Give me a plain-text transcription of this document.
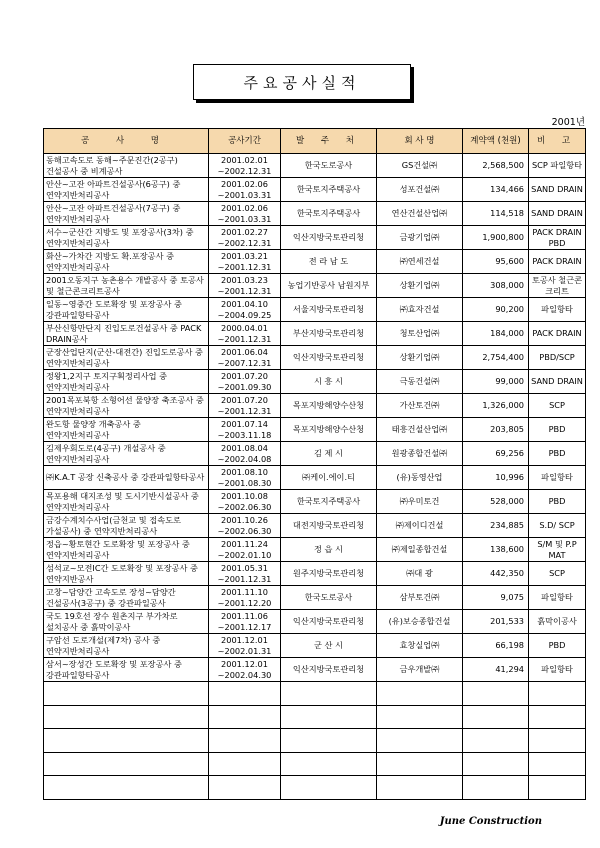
주요공사실적
2001년
공 사 명	공사기간	발 주 처	회 사 명	계약액 (천원)	비 고
동해고속도로 동해~주문진간(2공구) 건설공사 중 비계공사	2001.02.01 ~2002.12.31	한국도로공사	GS건설㈜	2,568,500	SCP 파일항타
안산~고잔 아파트건설공사(6공구) 중 연약지반처리공사	2001.02.06 ~2001.03.31	한국토지주택공사	성포건설㈜	134,466	SAND DRAIN
안산~고잔 아파트건설공사(7공구) 중 연약지반처리공사	2001.02.06 ~2001.03.31	한국토지주택공사	연산건설산업㈜	114,518	SAND DRAIN
서수~군산간 지방도 및 포장공사(3차) 중 연약지반처리공사	2001.02.27 ~2002.12.31	익산지방국토관리청	금광기업㈜	1,900,800	PACK DRAIN PBD
화산~가차간 지방도 확.포장공사 중 연약지반처리공사	2001.03.21 ~2001.12.31	전 라 남 도	㈜연세건설	95,600	PACK DRAIN
2001오동지구 농촌용수 개발공사 중 토공사 및 철근콘크리트공사	2001.03.23 ~2001.12.31	농업기반공사 남원지부	상환기업㈜	308,000	토공사 철근콘크리트
일동~영중간 도로확장 및 포장공사 중 강관파일항타공사	2001.04.10 ~2004.09.25	서울지방국토관리청	㈜효자건설	90,200	파일항타
부산신항만단지 진입도로건설공사 중 PACK DRAIN공사	2000.04.01 ~2001.12.31	부산지방국토관리청	청토산업㈜	184,000	PACK DRAIN
군장산업단지(군산-대전간) 진입도로공사 중 연약지반처리공사	2001.06.04 ~2007.12.31	익산지방국토관리청	상환기업㈜	2,754,400	PBD/SCP
정왕1,2지구 토지구획정리사업 중 연약지반처리공사	2001.07.20 ~2001.09.30	시 흥 시	극동건설㈜	99,000	SAND DRAIN
2001목포북항 소형어선 물양장 축조공사 중 연약지반처리공사	2001.07.20 ~2001.12.31	목포지방해양수산청	가산토건㈜	1,326,000	SCP
완도항 물양장 개축공사 중 연약지반처리공사	2001.07.14 ~2003.11.18	목포지방해양수산청	태흥건설산업㈜	203,805	PBD
김제우회도로(4공구) 개설공사 중 연약지반처리공사	2001.08.04 ~2002.04.08	김 제 시	원광종합건설㈜	69,256	PBD
㈜K.A.T 공장 신축공사 중 강관파일항타공사	2001.08.10 ~2001.08.30	㈜케이.에이.티	(유)동영산업	10,996	파일항타
목포용해 대지조성 및 도시기반시설공사 중 연약지반처리공사	2001.10.08 ~2002.06.30	한국토지주택공사	㈜우미토건	528,000	PBD
금강수계치수사업(금천교 및 접속도로 가설공사) 중 연약지반처리공사	2001.10.26 ~2002.06.30	대전지방국토관리청	㈜제이디건설	234,885	S.D/ SCP
정읍~황토현간 도로확장 및 포장공사 중 연약지반처리공사	2001.11.24 ~2002.01.10	정 읍 시	㈜제일종합건설	138,600	S/M 및 P.P MAT
섬석교~모전IC간 도로확장 및 포장공사 중 연약지반공사	2001.05.31 ~2001.12.31	원주지방국토관리청	㈜대 광	442,350	SCP
고창~담양간 고속도로 장성~담양간 건설공사(3공구) 중 강관파일공사	2001.11.10 ~2001.12.20	한국도로공사	삼부토건㈜	9,075	파일항타
국도 19호선 장수 원촌지구 부가차로 설치공사 중 흙막이공사	2001.11.06 ~2001.12.17	익산지방국토관리청	(유)보승종합건설	201,533	흙막이공사
구암선 도로개설(제7차) 공사 중 연약지반처리공사	2001.12.01 ~2002.01.31	군 산 시	효창실업㈜	66,198	PBD
삼서~장성간 도로확장 및 포장공사 중 강관파일항타공사	2001.12.01 ~2002.04.30	익산지방국토관리청	금우개발㈜	41,294	파일항타

June Construction
